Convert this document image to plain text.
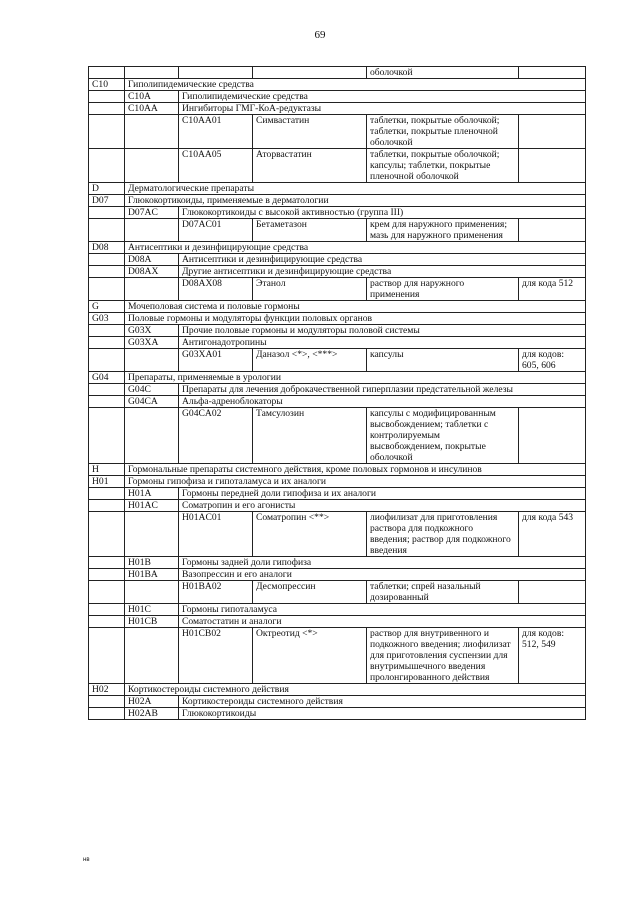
69
				оболочкой	
C10	Гиполипидемические средства				
	C10A	Гиполипидемические средства			
	C10AA	Ингибиторы ГМГ-КоА-редуктазы			
		C10AA01	Симвастатин	таблетки, покрытые оболочкой; таблетки, покрытые пленочной оболочкой	
		C10AA05	Аторвастатин	таблетки, покрытые оболочкой; капсулы; таблетки, покрытые пленочной оболочкой	
D	Дерматологические препараты				
D07	Глюкокортикоиды, применяемые в дерматологии				
	D07AC	Глюкокортикоиды с высокой активностью (группа III)			
		D07AC01	Бетаметазон	крем для наружного применения; мазь для наружного применения	
D08	Антисептики и дезинфицирующие средства				
	D08A	Антисептики и дезинфицирующие средства			
	D08AX	Другие антисептики и дезинфицирующие средства			
		D08AX08	Этанол	раствор для наружного применения	для кода 512
G	Мочеполовая система и половые гормоны				
G03	Половые гормоны и модуляторы функции половых органов				
	G03X	Прочие половые гормоны и модуляторы половой системы			
	G03XA	Антигонадотропины			
		G03XA01	Даназол <*>, <***>	капсулы	для кодов: 605, 606
G04	Препараты, применяемые в урологии				
	G04C	Препараты для лечения доброкачественной гиперплазии предстательной железы			
	G04CA	Альфа-адреноблокаторы			
		G04CA02	Тамсулозин	капсулы с модифицированным высвобождением; таблетки с контролируемым высвобождением, покрытые оболочкой	
H	Гормональные препараты системного действия, кроме половых гормонов и инсулинов				
H01	Гормоны гипофиза и гипоталамуса и их аналоги				
	H01A	Гормоны передней доли гипофиза и их аналоги			
	H01AC	Соматропин и его агонисты			
		H01AC01	Соматропин <**>	лиофилизат для приготовления раствора для подкожного введения; раствор для подкожного введения	для кода 543
	H01B	Гормоны задней доли гипофиза			
	H01BA	Вазопрессин и его аналоги			
		H01BA02	Десмопрессин	таблетки; спрей назальный дозированный	
	H01C	Гормоны гипоталамуса			
	H01CB	Соматостатин и аналоги			
		H01CB02	Октреотид <*>	раствор для внутривенного и подкожного введения; лиофилизат для приготовления суспензии для внутримышечного введения пролонгированного действия	для кодов: 512, 549
H02	Кортикостероиды системного действия				
	H02A	Кортикостероиды системного действия			
	H02AB	Глюкокортикоиды			
нв
